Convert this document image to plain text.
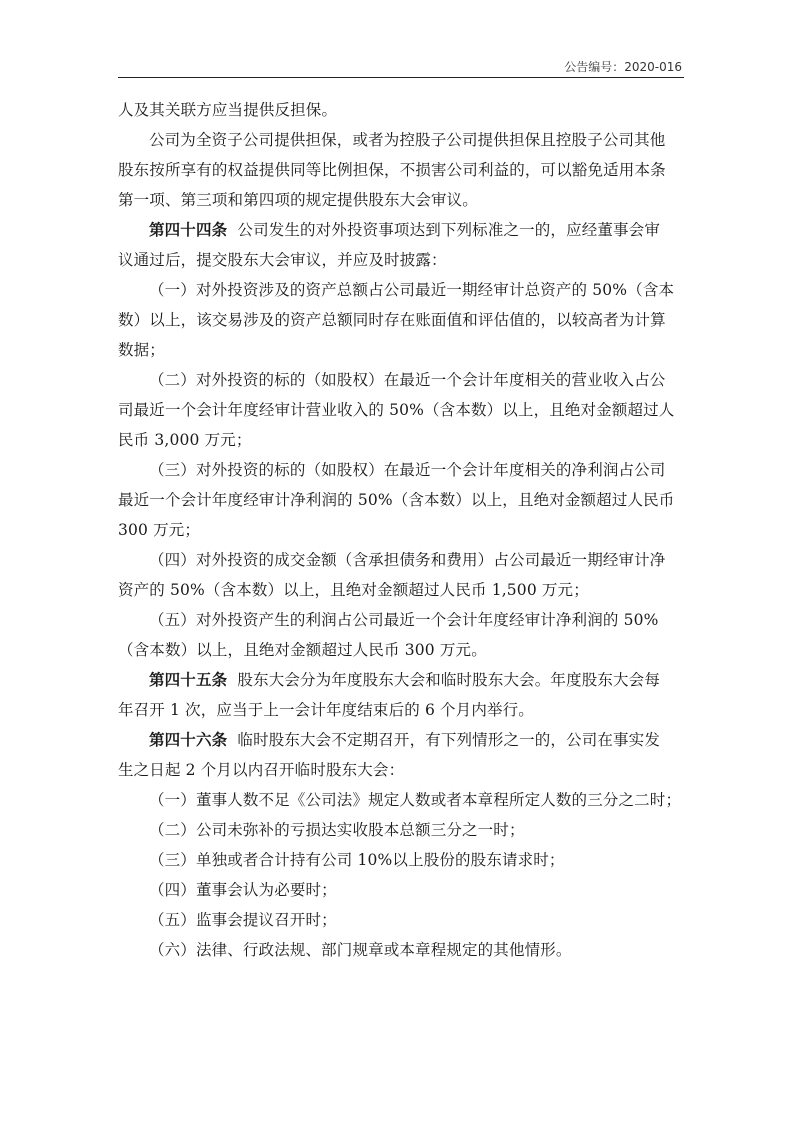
公告编号：2020-016

人及其关联方应当提供反担保。

公司为全资子公司提供担保，或者为控股子公司提供担保且控股子公司其他
股东按所享有的权益提供同等比例担保，不损害公司利益的，可以豁免适用本条
第一项、第三项和第四项的规定提供股东大会审议。

第四十四条 公司发生的对外投资事项达到下列标准之一的，应经董事会审
议通过后，提交股东大会审议，并应及时披露：

（一）对外投资涉及的资产总额占公司最近一期经审计总资产的 50%（含本
数）以上，该交易涉及的资产总额同时存在账面值和评估值的，以较高者为计算
数据；

（二）对外投资的标的（如股权）在最近一个会计年度相关的营业收入占公
司最近一个会计年度经审计营业收入的 50%（含本数）以上，且绝对金额超过人
民币 3,000 万元；

（三）对外投资的标的（如股权）在最近一个会计年度相关的净利润占公司
最近一个会计年度经审计净利润的 50%（含本数）以上，且绝对金额超过人民币
300 万元；

（四）对外投资的成交金额（含承担债务和费用）占公司最近一期经审计净
资产的 50%（含本数）以上，且绝对金额超过人民币 1,500 万元；

（五）对外投资产生的利润占公司最近一个会计年度经审计净利润的 50%
（含本数）以上，且绝对金额超过人民币 300 万元。

第四十五条 股东大会分为年度股东大会和临时股东大会。年度股东大会每
年召开 1 次，应当于上一会计年度结束后的 6 个月内举行。

第四十六条 临时股东大会不定期召开，有下列情形之一的，公司在事实发
生之日起 2 个月以内召开临时股东大会：

（一）董事人数不足《公司法》规定人数或者本章程所定人数的三分之二时；

（二）公司未弥补的亏损达实收股本总额三分之一时；

（三）单独或者合计持有公司 10%以上股份的股东请求时；

（四）董事会认为必要时；

（五）监事会提议召开时；

（六）法律、行政法规、部门规章或本章程规定的其他情形。
